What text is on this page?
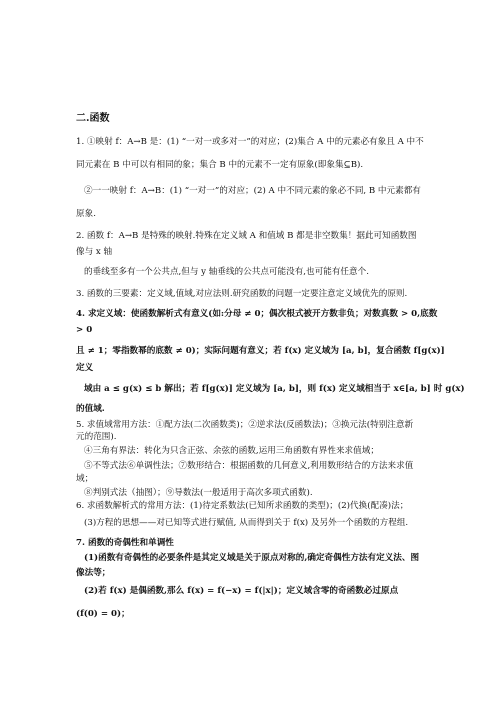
二.函数
1. ①映射 f：A→B 是：(1) “一对一或多对一”的对应；(2)集合 A 中的元素必有象且 A 中不
同元素在 B 中可以有相同的象；集合 B 中的元素不一定有原象(即象集⊆B).
②一一映射 f：A→B：(1) “一对一”的对应；(2) A 中不同元素的象必不同, B 中元素都有
原象.
2. 函数 f：A→B 是特殊的映射.特殊在定义域 A 和值域 B 都是非空数集！据此可知函数图
像与 x 轴
的垂线至多有一个公共点,但与 y 轴垂线的公共点可能没有,也可能有任意个.
3. 函数的三要素：定义域,值域,对应法则.研究函数的问题一定要注意定义域优先的原则.
4. 求定义域：使函数解析式有意义(如:分母 ≠ 0；偶次根式被开方数非负；对数真数 > 0,底数
> 0
且 ≠ 1；零指数幂的底数 ≠ 0)；实际问题有意义；若 f(x) 定义域为 [a, b]，复合函数 f[g(x)]
定义
域由 a ≤ g(x) ≤ b 解出；若 f[g(x)] 定义域为 [a, b]，则 f(x) 定义域相当于 x∈[a, b] 时 g(x)
的值域.
5. 求值域常用方法：①配方法(二次函数类)；②逆求法(反函数法)；③换元法(特别注意新
元的范围).
④三角有界法：转化为只含正弦、余弦的函数,运用三角函数有界性来求值域；
⑤不等式法⑥单调性法；⑦数形结合：根据函数的几何意义,利用数形结合的方法来求值
域；
⑧判别式法（抽图）；⑨导数法(一般适用于高次多项式函数).
6. 求函数解析式的常用方法：(1)待定系数法(已知所求函数的类型)；(2)代换(配凑)法；
(3)方程的思想——对已知等式进行赋值, 从而得到关于 f(x) 及另外一个函数的方程组.
7. 函数的奇偶性和单调性
(1)函数有奇偶性的必要条件是其定义域是关于原点对称的,确定奇偶性方法有定义法、图
像法等；
(2)若 f(x) 是偶函数,那么 f(x) = f(−x) = f(|x|)；定义域含零的奇函数必过原点
(f(0) = 0)；
